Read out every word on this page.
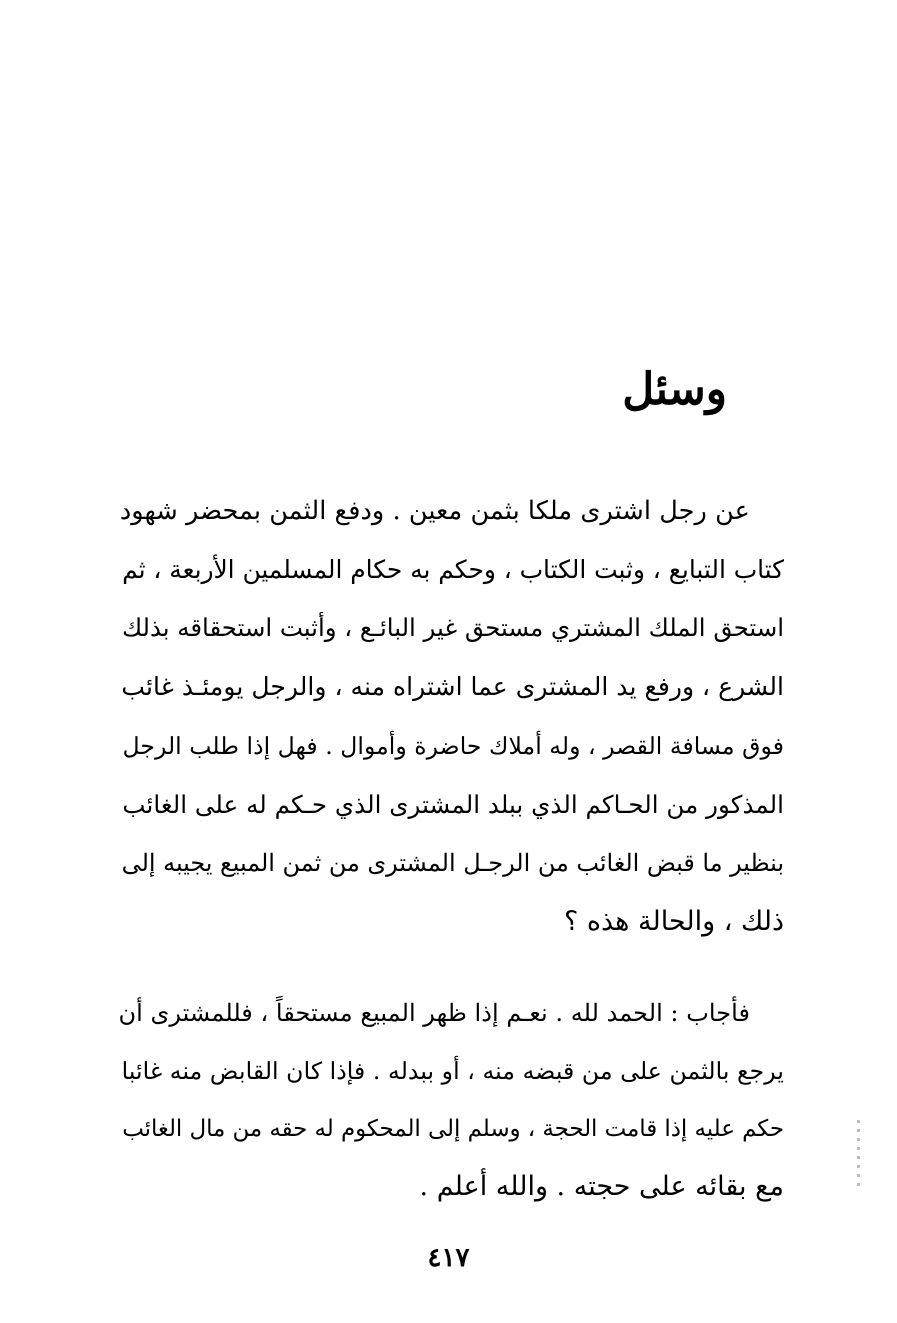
وسئل
عن رجل اشترى ملكا بثمن معين . ودفع الثمن بمحضر شهود
كتاب التبايع ، وثبت الكتاب ، وحكم به حكام المسلمين الأربعة ، ثم
استحق الملك المشتري مستحق غير البائـع ، وأثبت استحقاقه بذلك
الشرع ، ورفع يد المشترى عما اشتراه منه ، والرجل يومئـذ غائب
فوق مسافة القصر ، وله أملاك حاضرة وأموال . فهل إذا طلب الرجل
المذكور من الحـاكم الذي ببلد المشترى الذي حـكم له على الغائب
بنظير ما قبض الغائب من الرجـل المشترى من ثمن المبيع يجيبه إلى
ذلك ، والحالة هذه ؟
فأجاب : الحمد لله . نعـم إذا ظهر المبيع مستحقاً ، فللمشترى أن
يرجع بالثمن على من قبضه منه ، أو ببدله . فإذا كان القابض منه غائبا
حكم عليه إذا قامت الحجة ، وسلم إلى المحكوم له حقه من مال الغائب
مع بقائه على حجته . والله أعلم .
٤١٧
